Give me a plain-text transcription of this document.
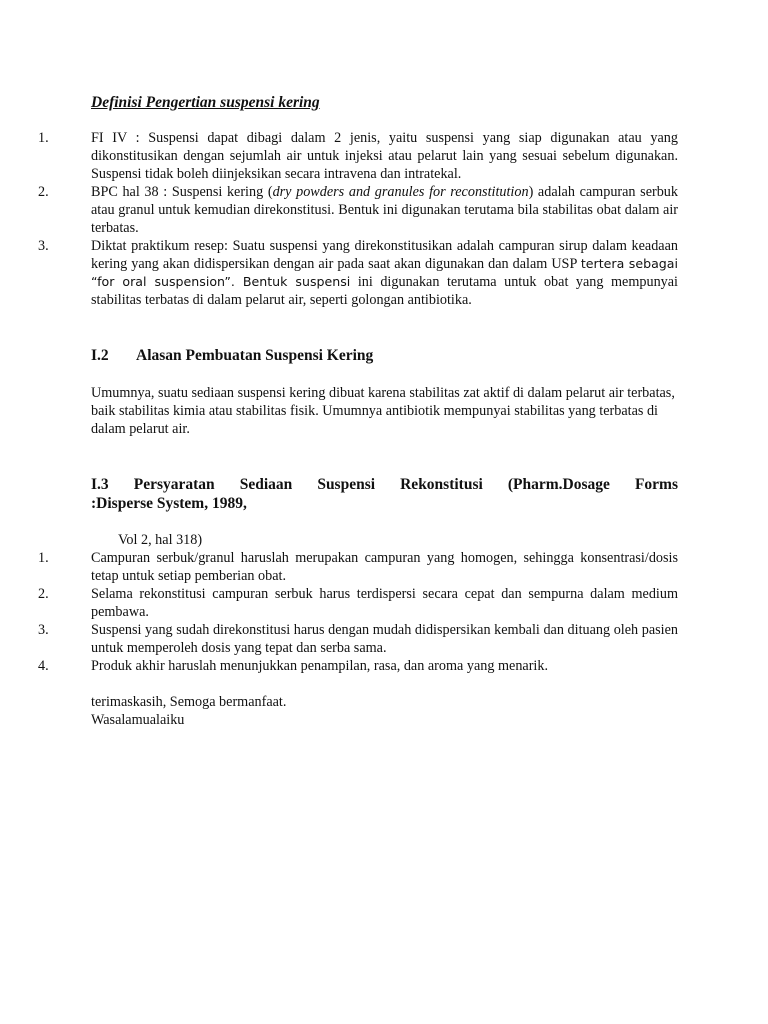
Definisi Pengertian suspensi kering
1.	FI IV : Suspensi dapat dibagi dalam 2 jenis, yaitu suspensi yang siap digunakan atau yang dikonstitusikan dengan sejumlah air untuk injeksi atau pelarut lain yang sesuai sebelum digunakan. Suspensi tidak boleh diinjeksikan secara intravena dan intratekal.
2.	BPC hal 38 : Suspensi kering (dry powders and granules for reconstitution) adalah campuran serbuk atau granul untuk kemudian direkonstitusi. Bentuk ini digunakan terutama bila stabilitas obat dalam air terbatas.
3.	Diktat praktikum resep: Suatu suspensi yang direkonstitusikan adalah campuran sirup dalam keadaan kering yang akan didispersikan dengan air pada saat akan digunakan dan dalam USP tertera sebagai “for oral suspension”. Bentuk suspensi ini digunakan terutama untuk obat yang mempunyai stabilitas terbatas di dalam pelarut air, seperti golongan antibiotika.
I.2 Alasan Pembuatan Suspensi Kering

Umumnya, suatu sediaan suspensi kering dibuat karena stabilitas zat aktif di dalam pelarut air terbatas, baik stabilitas kimia atau stabilitas fisik. Umumnya antibiotik mempunyai stabilitas yang terbatas di dalam pelarut air.

I.3 Persyaratan Sediaan Suspensi Rekonstitusi (Pharm.Dosage Forms
:Disperse System, 1989,

Vol 2, hal 318)

1.	Campuran serbuk/granul haruslah merupakan campuran yang homogen, sehingga konsentrasi/dosis tetap untuk setiap pemberian obat.
2.	Selama rekonstitusi campuran serbuk harus terdispersi secara cepat dan sempurna dalam medium pembawa.
3.	Suspensi yang sudah direkonstitusi harus dengan mudah didispersikan kembali dan dituang oleh pasien untuk memperoleh dosis yang tepat dan serba sama.
4.	Produk akhir haruslah menunjukkan penampilan, rasa, dan aroma yang menarik.
terimaskasih, Semoga bermanfaat.
Wasalamualaiku
